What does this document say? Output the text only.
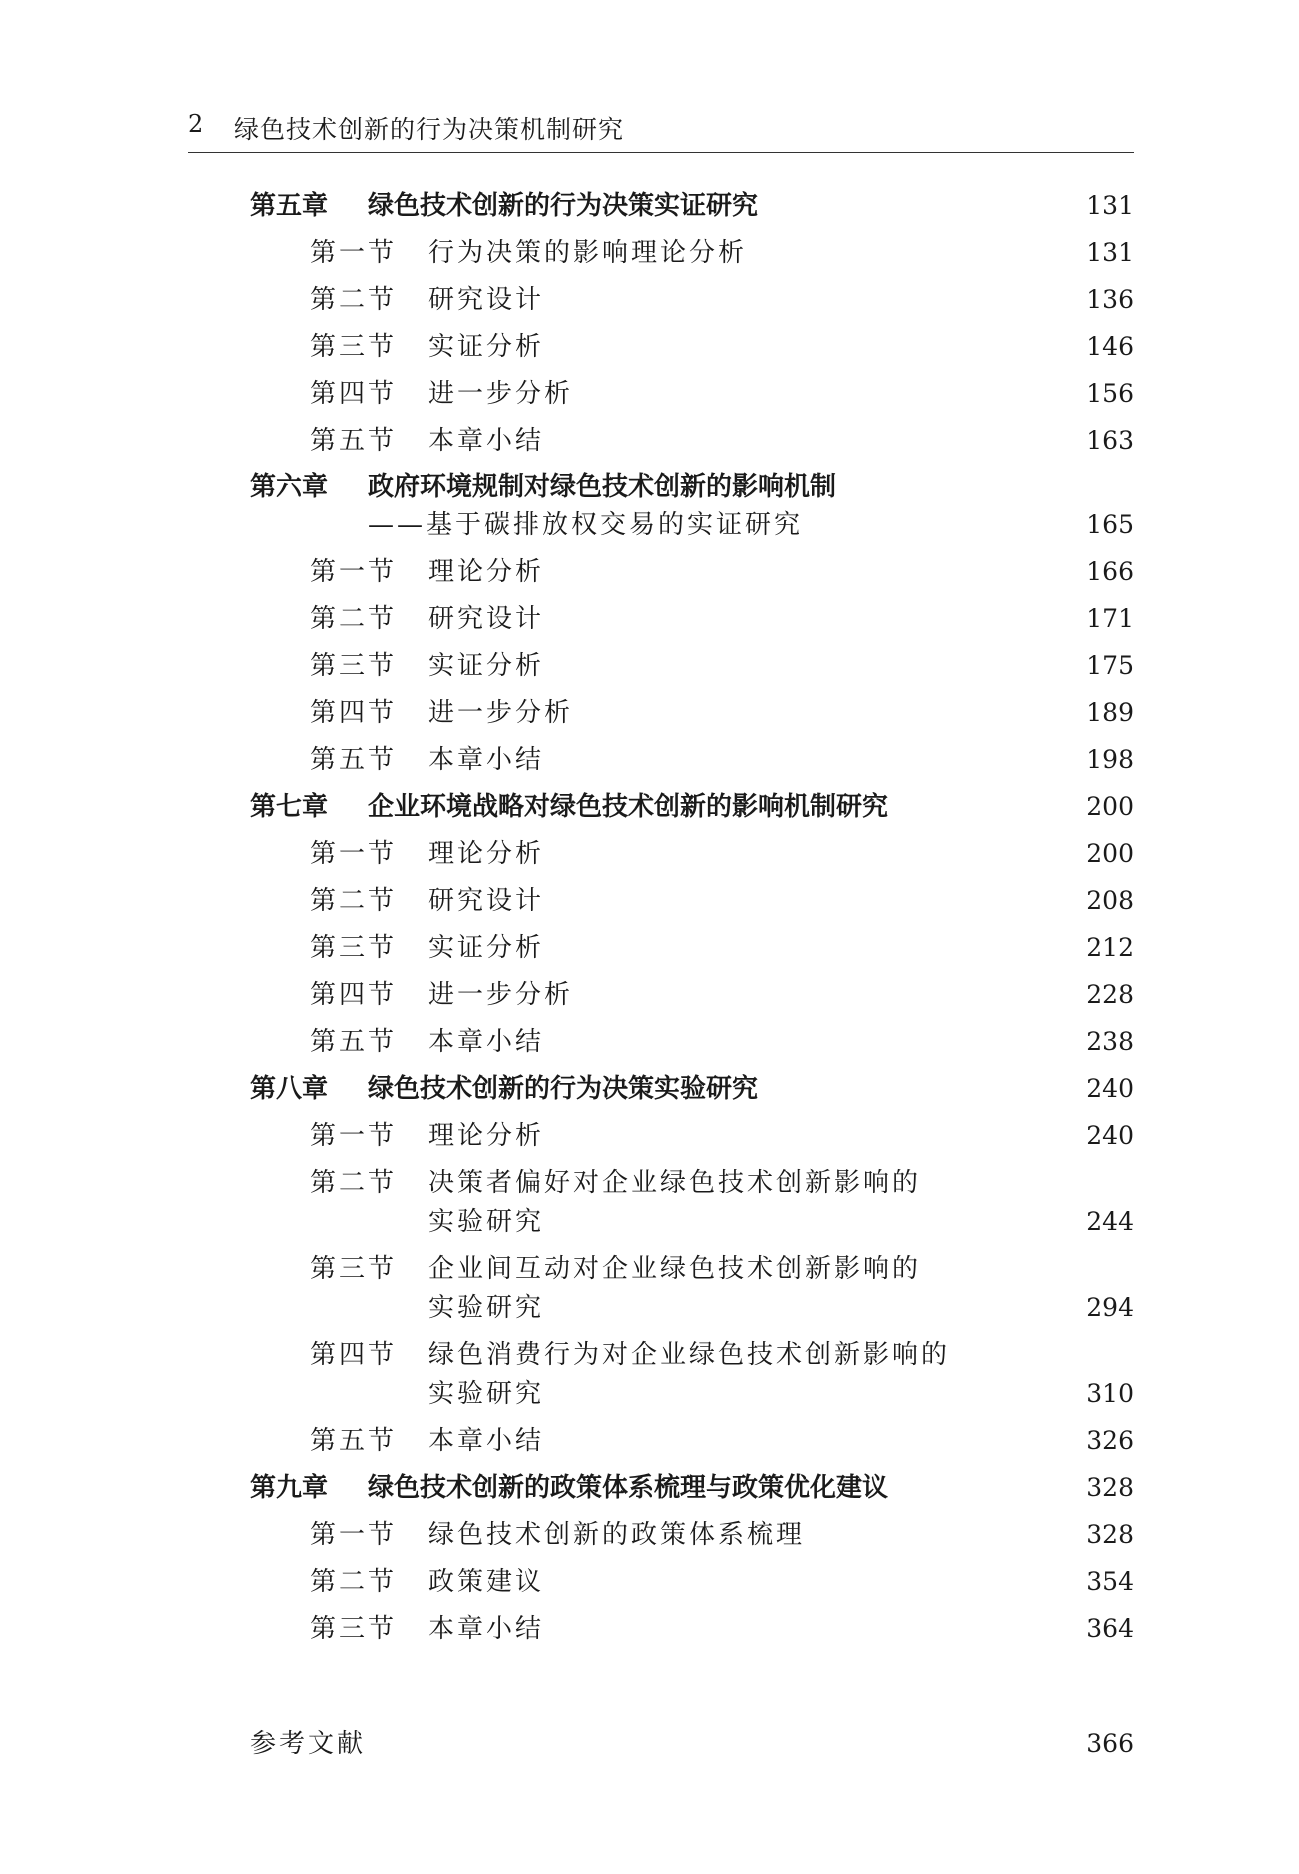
2 绿色技术创新的行为决策机制研究
第五章	绿色技术创新的行为决策实证研究	131
第一节	行为决策的影响理论分析	131
第二节	研究设计	136
第三节	实证分析	146
第四节	进一步分析	156
第五节	本章小结	163
第六章	政府环境规制对绿色技术创新的影响机制
——基于碳排放权交易的实证研究	165
第一节	理论分析	166
第二节	研究设计	171
第三节	实证分析	175
第四节	进一步分析	189
第五节	本章小结	198
第七章	企业环境战略对绿色技术创新的影响机制研究	200
第一节	理论分析	200
第二节	研究设计	208
第三节	实证分析	212
第四节	进一步分析	228
第五节	本章小结	238
第八章	绿色技术创新的行为决策实验研究	240
第一节	理论分析	240
第二节	决策者偏好对企业绿色技术创新影响的
实验研究	244
第三节	企业间互动对企业绿色技术创新影响的
实验研究	294
第四节	绿色消费行为对企业绿色技术创新影响的
实验研究	310
第五节	本章小结	326
第九章	绿色技术创新的政策体系梳理与政策优化建议	328
第一节	绿色技术创新的政策体系梳理	328
第二节	政策建议	354
第三节	本章小结	364
参考文献	366
